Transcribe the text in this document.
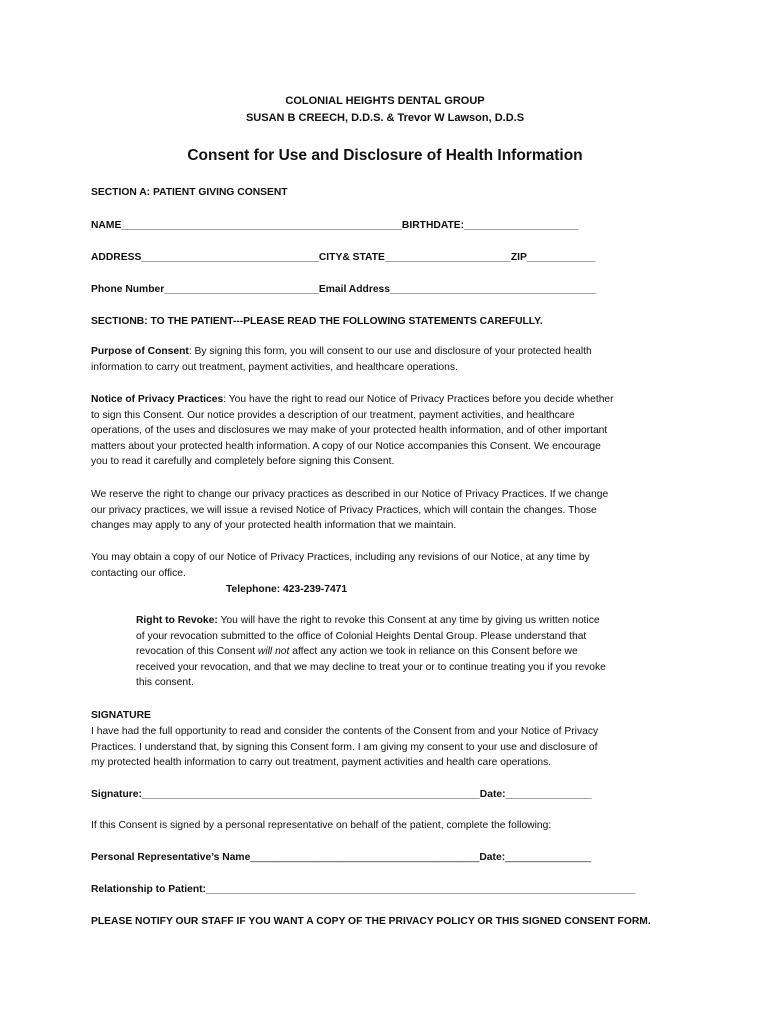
COLONIAL HEIGHTS DENTAL GROUP
SUSAN B CREECH, D.D.S. & Trevor W Lawson, D.D.S
Consent for Use and Disclosure of Health Information
SECTION A: PATIENT GIVING CONSENT
NAME_________________________________________________BIRTHDATE:____________________
ADDRESS_______________________________CITY& STATE______________________ZIP____________
Phone Number___________________________Email Address____________________________________
SECTIONB: TO THE PATIENT---PLEASE READ THE FOLLOWING STATEMENTS CAREFULLY.
Purpose of Consent: By signing this form, you will consent to our use and disclosure of your protected health
information to carry out treatment, payment activities, and healthcare operations.
Notice of Privacy Practices: You have the right to read our Notice of Privacy Practices before you decide whether
to sign this Consent. Our notice provides a description of our treatment, payment activities, and healthcare
operations, of the uses and disclosures we may make of your protected health information, and of other important
matters about your protected health information. A copy of our Notice accompanies this Consent. We encourage
you to read it carefully and completely before signing this Consent.
We reserve the right to change our privacy practices as described in our Notice of Privacy Practices. If we change
our privacy practices, we will issue a revised Notice of Privacy Practices, which will contain the changes. Those
changes may apply to any of your protected health information that we maintain.
You may obtain a copy of our Notice of Privacy Practices, including any revisions of our Notice, at any time by
contacting our office.
Telephone: 423-239-7471
Right to Revoke: You will have the right to revoke this Consent at any time by giving us written notice
of your revocation submitted to the office of Colonial Heights Dental Group. Please understand that
revocation of this Consent will not affect any action we took in reliance on this Consent before we
received your revocation, and that we may decline to treat your or to continue treating you if you revoke
this consent.
SIGNATURE
I have had the full opportunity to read and consider the contents of the Consent from and your Notice of Privacy
Practices. I understand that, by signing this Consent form. I am giving my consent to your use and disclosure of
my protected health information to carry out treatment, payment activities and health care operations.
Signature:___________________________________________________________Date:_______________
If this Consent is signed by a personal representative on behalf of the patient, complete the following:
Personal Representative’s Name________________________________________Date:_______________
Relationship to Patient:___________________________________________________________________________
PLEASE NOTIFY OUR STAFF IF YOU WANT A COPY OF THE PRIVACY POLICY OR THIS SIGNED CONSENT FORM.
